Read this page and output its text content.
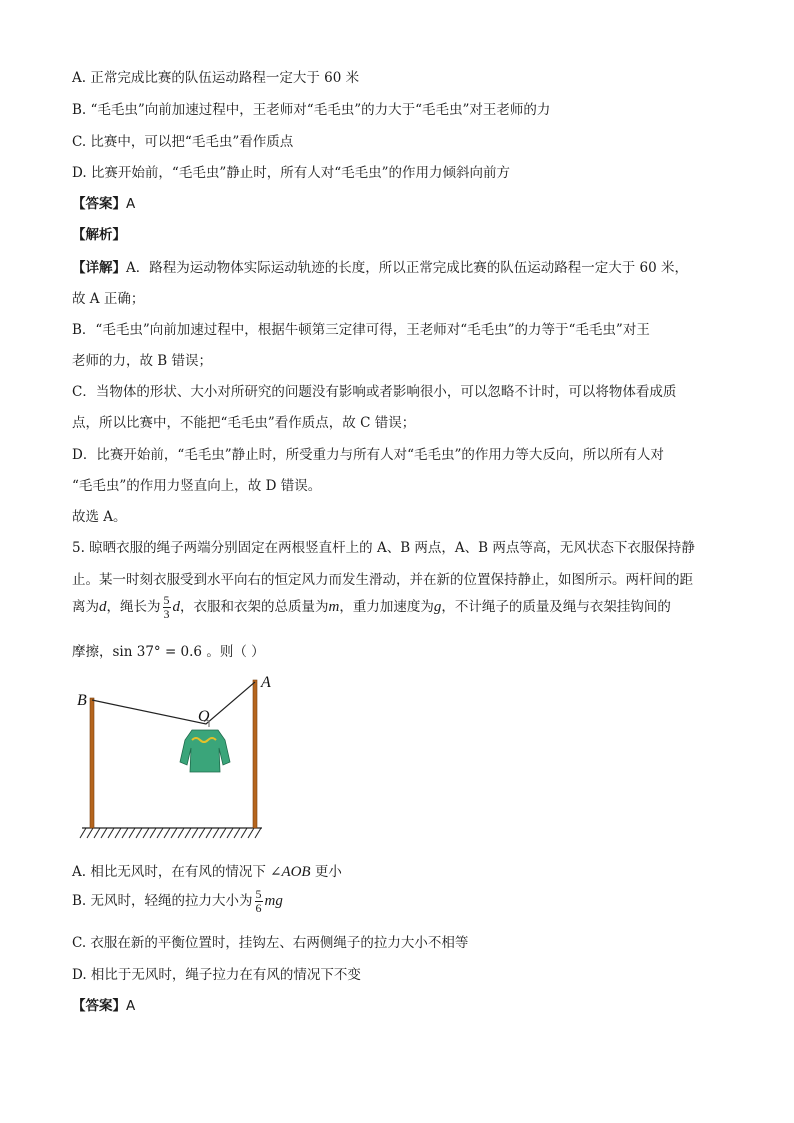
A. 正常完成比赛的队伍运动路程一定大于 60 米
B. “毛毛虫”向前加速过程中，王老师对“毛毛虫”的力大于“毛毛虫”对王老师的力
C. 比赛中，可以把“毛毛虫”看作质点
D. 比赛开始前，“毛毛虫”静止时，所有人对“毛毛虫”的作用力倾斜向前方
【答案】A
【解析】
【详解】A．路程为运动物体实际运动轨迹的长度，所以正常完成比赛的队伍运动路程一定大于 60 米，
故 A 正确；
B．“毛毛虫”向前加速过程中，根据牛顿第三定律可得，王老师对“毛毛虫”的力等于“毛毛虫”对王
老师的力，故 B 错误；
C．当物体的形状、大小对所研究的问题没有影响或者影响很小，可以忽略不计时，可以将物体看成质
点，所以比赛中，不能把“毛毛虫”看作质点，故 C 错误；
D．比赛开始前，“毛毛虫”静止时，所受重力与所有人对“毛毛虫”的作用力等大反向，所以所有人对
“毛毛虫”的作用力竖直向上，故 D 错误。
故选 A。
5. 晾晒衣服的绳子两端分别固定在两根竖直杆上的 A、B 两点，A、B 两点等高，无风状态下衣服保持静
止。某一时刻衣服受到水平向右的恒定风力而发生滑动，并在新的位置保持静止，如图所示。两杆间的距
离为d，绳长为 $\frac{5}{3}$ d，衣服和衣架的总质量为m，重力加速度为g，不计绳子的质量及绳与衣架挂钩间的
摩擦，sin 37° = 0.6 。则（ ）
B
A
O
A. 相比无风时，在有风的情况下 ∠AOB 更小
B. 无风时，轻绳的拉力大小为 $\frac{5}{6}$ mg
C. 衣服在新的平衡位置时，挂钩左、右两侧绳子的拉力大小不相等
D. 相比于无风时，绳子拉力在有风的情况下不变
【答案】A
